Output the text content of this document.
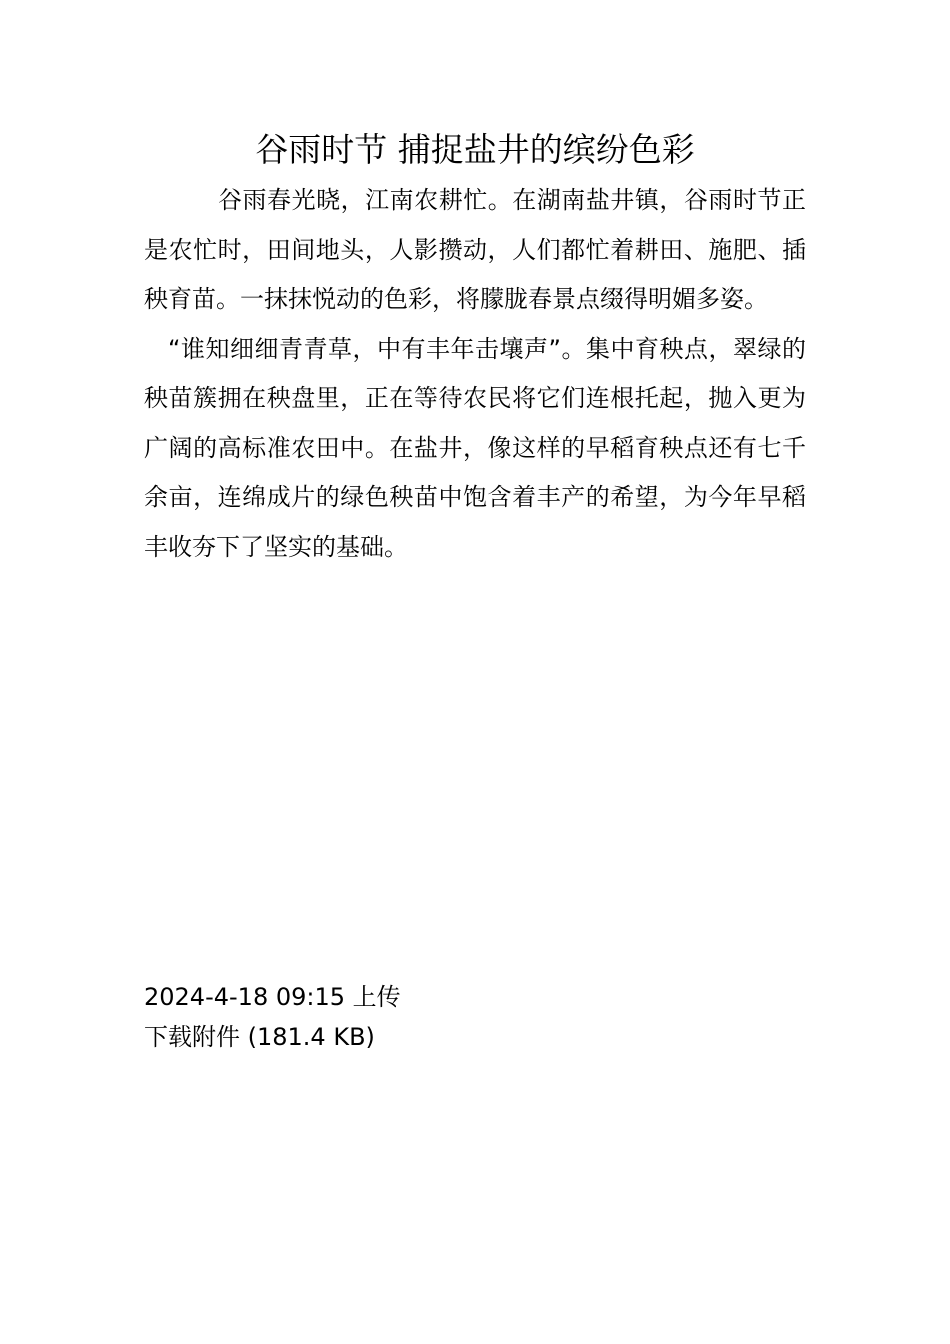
谷雨时节 捕捉盐井的缤纷色彩

谷雨春光晓，江南农耕忙。在湖南盐井镇，谷雨时节正是农忙时，田间地头，人影攒动，人们都忙着耕田、施肥、插秧育苗。一抹抹悦动的色彩，将朦胧春景点缀得明媚多姿。

“谁知细细青青草，中有丰年击壤声”。集中育秧点，翠绿的秧苗簇拥在秧盘里，正在等待农民将它们连根托起，抛入更为广阔的高标准农田中。在盐井，像这样的早稻育秧点还有七千余亩，连绵成片的绿色秧苗中饱含着丰产的希望，为今年早稻丰收夯下了坚实的基础。

2024-4-18 09:15 上传

下载附件 (181.4 KB)
